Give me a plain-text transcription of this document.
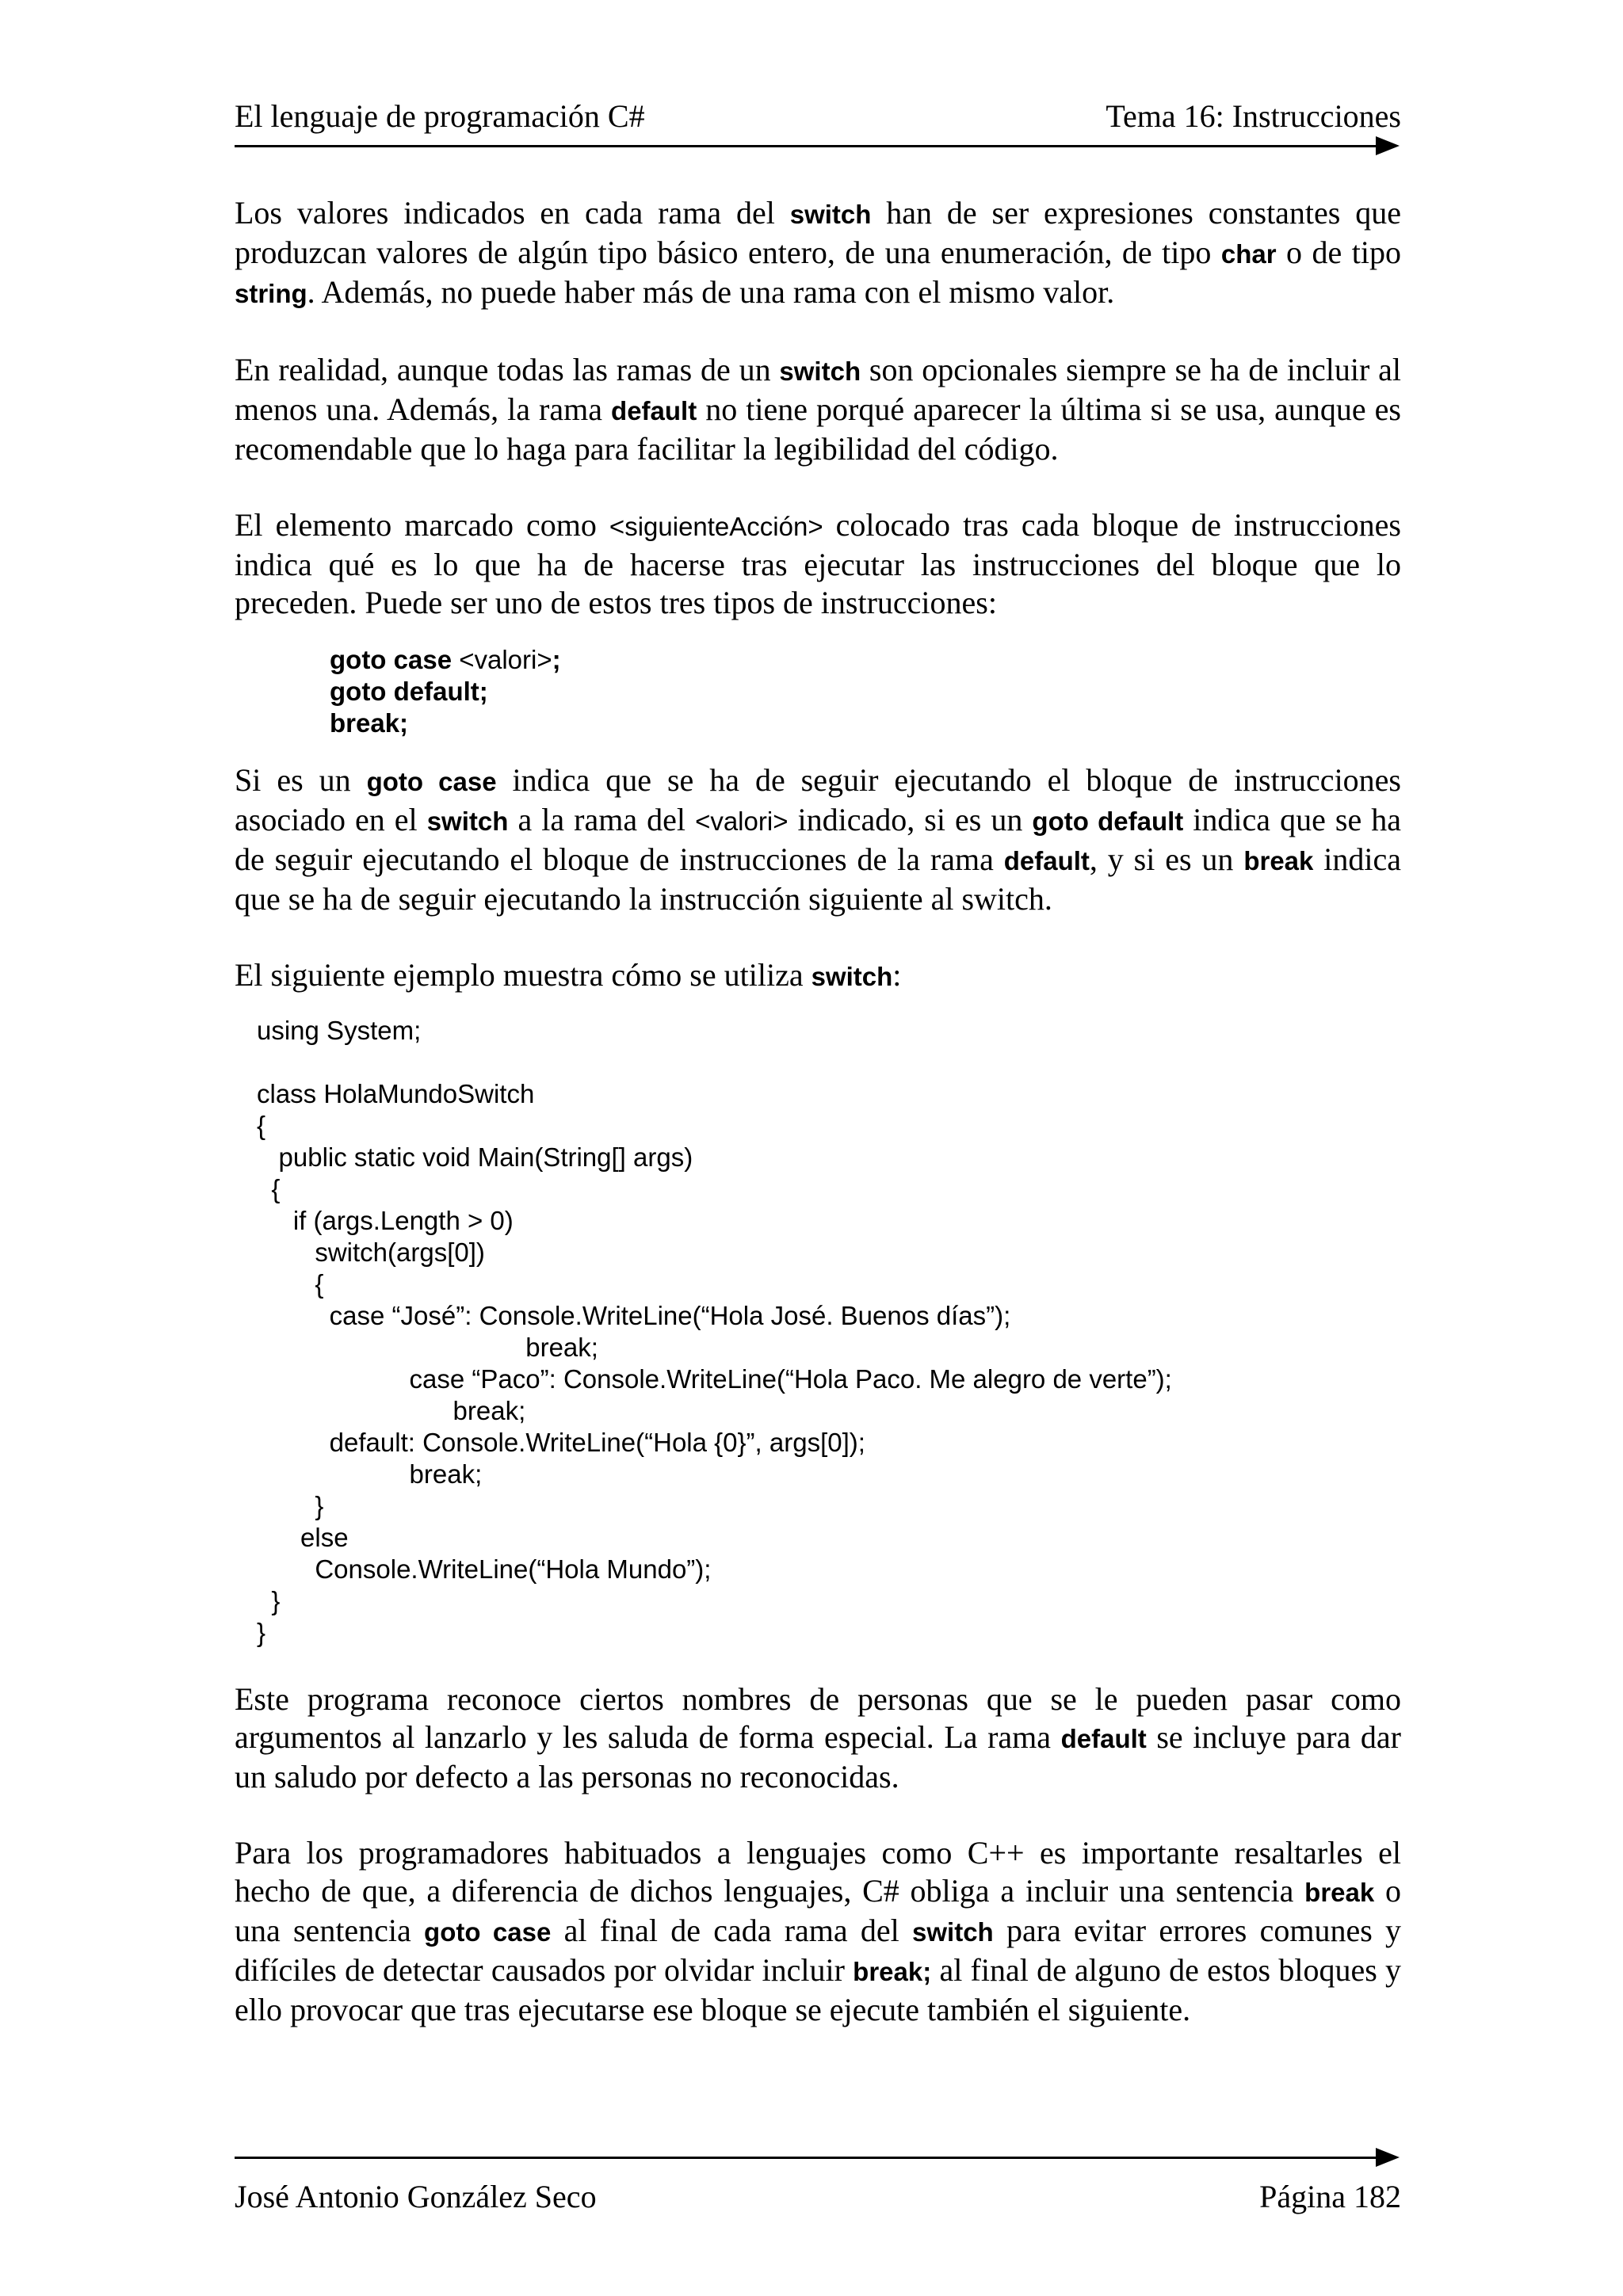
El lenguaje de programación C#	Tema 16: Instrucciones

Los valores indicados en cada rama del switch han de ser expresiones constantes que produzcan valores de algún tipo básico entero, de una enumeración, de tipo char o de tipo string. Además, no puede haber más de una rama con el mismo valor.

En realidad, aunque todas las ramas de un switch son opcionales siempre se ha de incluir al menos una. Además, la rama default no tiene porqué aparecer la última si se usa, aunque es recomendable que lo haga para facilitar la legibilidad del código.

El elemento marcado como <siguienteAcción> colocado tras cada bloque de instrucciones indica qué es lo que ha de hacerse tras ejecutar las instrucciones del bloque que lo preceden. Puede ser uno de estos tres tipos de instrucciones:

goto case <valori>;
goto default;
break;

Si es un goto case indica que se ha de seguir ejecutando el bloque de instrucciones asociado en el switch a la rama del <valori> indicado, si es un goto default indica que se ha de seguir ejecutando el bloque de instrucciones de la rama default, y si es un break indica que se ha de seguir ejecutando la instrucción siguiente al switch.

El siguiente ejemplo muestra cómo se utiliza switch:

using System;

class HolaMundoSwitch
{
public static void Main(String[] args)
{
if (args.Length > 0)
switch(args[0])
{
case “José”: Console.WriteLine(“Hola José. Buenos días”);
break;
case “Paco”: Console.WriteLine(“Hola Paco. Me alegro de verte”);
break;
default: Console.WriteLine(“Hola {0}”, args[0]);
break;
}
else
Console.WriteLine(“Hola Mundo”);
}
}

Este programa reconoce ciertos nombres de personas que se le pueden pasar como argumentos al lanzarlo y les saluda de forma especial. La rama default se incluye para dar un saludo por defecto a las personas no reconocidas.

Para los programadores habituados a lenguajes como C++ es importante resaltarles el hecho de que, a diferencia de dichos lenguajes, C# obliga a incluir una sentencia break o una sentencia goto case al final de cada rama del switch para evitar errores comunes y difíciles de detectar causados por olvidar incluir break; al final de alguno de estos bloques y ello provocar que tras ejecutarse ese bloque se ejecute también el siguiente.

José Antonio González Seco	Página 182
